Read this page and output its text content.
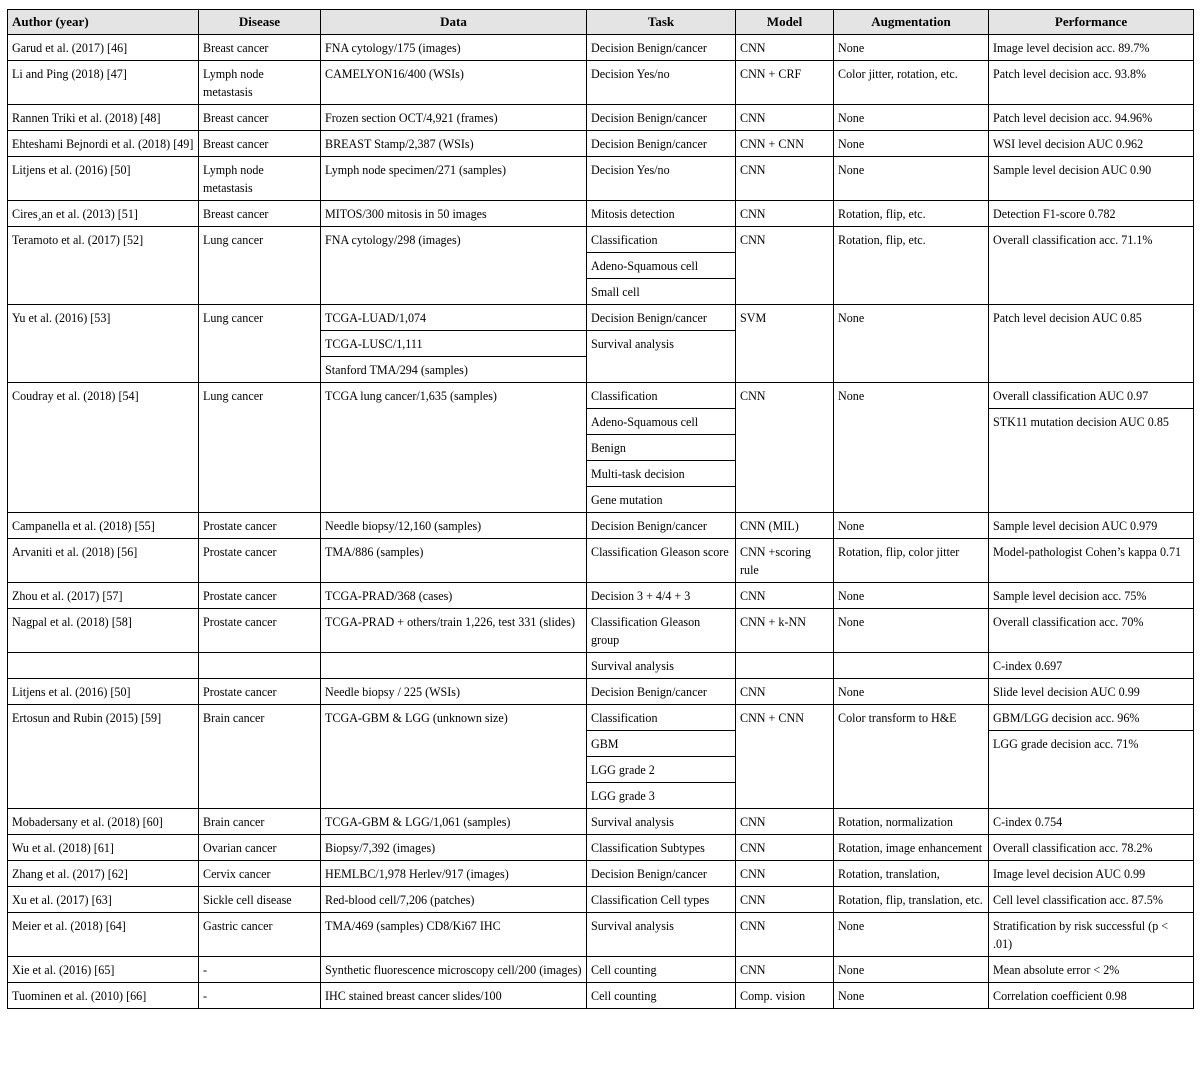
Author (year)	Disease	Data	Task	Model	Augmentation	Performance
Garud et al. (2017) [46]	Breast cancer	FNA cytology/175 (images)	Decision Benign/cancer	CNN	None	Image level decision acc. 89.7%
Li and Ping (2018) [47]	Lymph node metastasis	CAMELYON16/400 (WSIs)	Decision Yes/no	CNN + CRF	Color jitter, rotation, etc.	Patch level decision acc. 93.8%
Rannen Triki et al. (2018) [48]	Breast cancer	Frozen section OCT/4,921 (frames)	Decision Benign/cancer	CNN	None	Patch level decision acc. 94.96%
Ehteshami Bejnordi et al. (2018) [49]	Breast cancer	BREAST Stamp/2,387 (WSIs)	Decision Benign/cancer	CNN + CNN	None	WSI level decision AUC 0.962
Litjens et al. (2016) [50]	Lymph node metastasis	Lymph node specimen/271 (samples)	Decision Yes/no	CNN	None	Sample level decision AUC 0.90
Cires¸an et al. (2013) [51]	Breast cancer	MITOS/300 mitosis in 50 images	Mitosis detection	CNN	Rotation, flip, etc.	Detection F1-score 0.782
Teramoto et al. (2017) [52]	Lung cancer	FNA cytology/298 (images)	Classification	CNN	Rotation, flip, etc.	Overall classification acc. 71.1%
			Adeno-Squamous cell			
			Small cell			
Yu et al. (2016) [53]	Lung cancer	TCGA-LUAD/1,074	Decision Benign/cancer	SVM	None	Patch level decision AUC 0.85
		TCGA-LUSC/1,111	Survival analysis			
		Stanford TMA/294 (samples)				
Coudray et al. (2018) [54]	Lung cancer	TCGA lung cancer/1,635 (samples)	Classification	CNN	None	Overall classification AUC 0.97
			Adeno-Squamous cell			STK11 mutation decision AUC 0.85
			Benign			
			Multi-task decision			
			Gene mutation			
Campanella et al. (2018) [55]	Prostate cancer	Needle biopsy/12,160 (samples)	Decision Benign/cancer	CNN (MIL)	None	Sample level decision AUC 0.979
Arvaniti et al. (2018) [56]	Prostate cancer	TMA/886 (samples)	Classification Gleason score	CNN +scoring rule	Rotation, flip, color jitter	Model-pathologist Cohen’s kappa 0.71
Zhou et al. (2017) [57]	Prostate cancer	TCGA-PRAD/368 (cases)	Decision 3 + 4/4 + 3	CNN	None	Sample level decision acc. 75%
Nagpal et al. (2018) [58]	Prostate cancer	TCGA-PRAD + others/train 1,226, test 331 (slides)	Classification Gleason group	CNN + k-NN	None	Overall classification acc. 70%
			Survival analysis			C-index 0.697
Litjens et al. (2016) [50]	Prostate cancer	Needle biopsy / 225 (WSIs)	Decision Benign/cancer	CNN	None	Slide level decision AUC 0.99
Ertosun and Rubin (2015) [59]	Brain cancer	TCGA-GBM & LGG (unknown size)	Classification	CNN + CNN	Color transform to H&E	GBM/LGG decision acc. 96%
			GBM			LGG grade decision acc. 71%
			LGG grade 2			
			LGG grade 3			
Mobadersany et al. (2018) [60]	Brain cancer	TCGA-GBM & LGG/1,061 (samples)	Survival analysis	CNN	Rotation, normalization	C-index 0.754
Wu et al. (2018) [61]	Ovarian cancer	Biopsy/7,392 (images)	Classification Subtypes	CNN	Rotation, image enhancement	Overall classification acc. 78.2%
Zhang et al. (2017) [62]	Cervix cancer	HEMLBC/1,978 Herlev/917 (images)	Decision Benign/cancer	CNN	Rotation, translation,	Image level decision AUC 0.99
Xu et al. (2017) [63]	Sickle cell disease	Red-blood cell/7,206 (patches)	Classification Cell types	CNN	Rotation, flip, translation, etc.	Cell level classification acc. 87.5%
Meier et al. (2018) [64]	Gastric cancer	TMA/469 (samples) CD8/Ki67 IHC	Survival analysis	CNN	None	Stratification by risk successful (p < .01)
Xie et al. (2016) [65]	-	Synthetic fluorescence microscopy cell/200 (images)	Cell counting	CNN	None	Mean absolute error < 2%
Tuominen et al. (2010) [66]	-	IHC stained breast cancer slides/100	Cell counting	Comp. vision	None	Correlation coefficient 0.98
